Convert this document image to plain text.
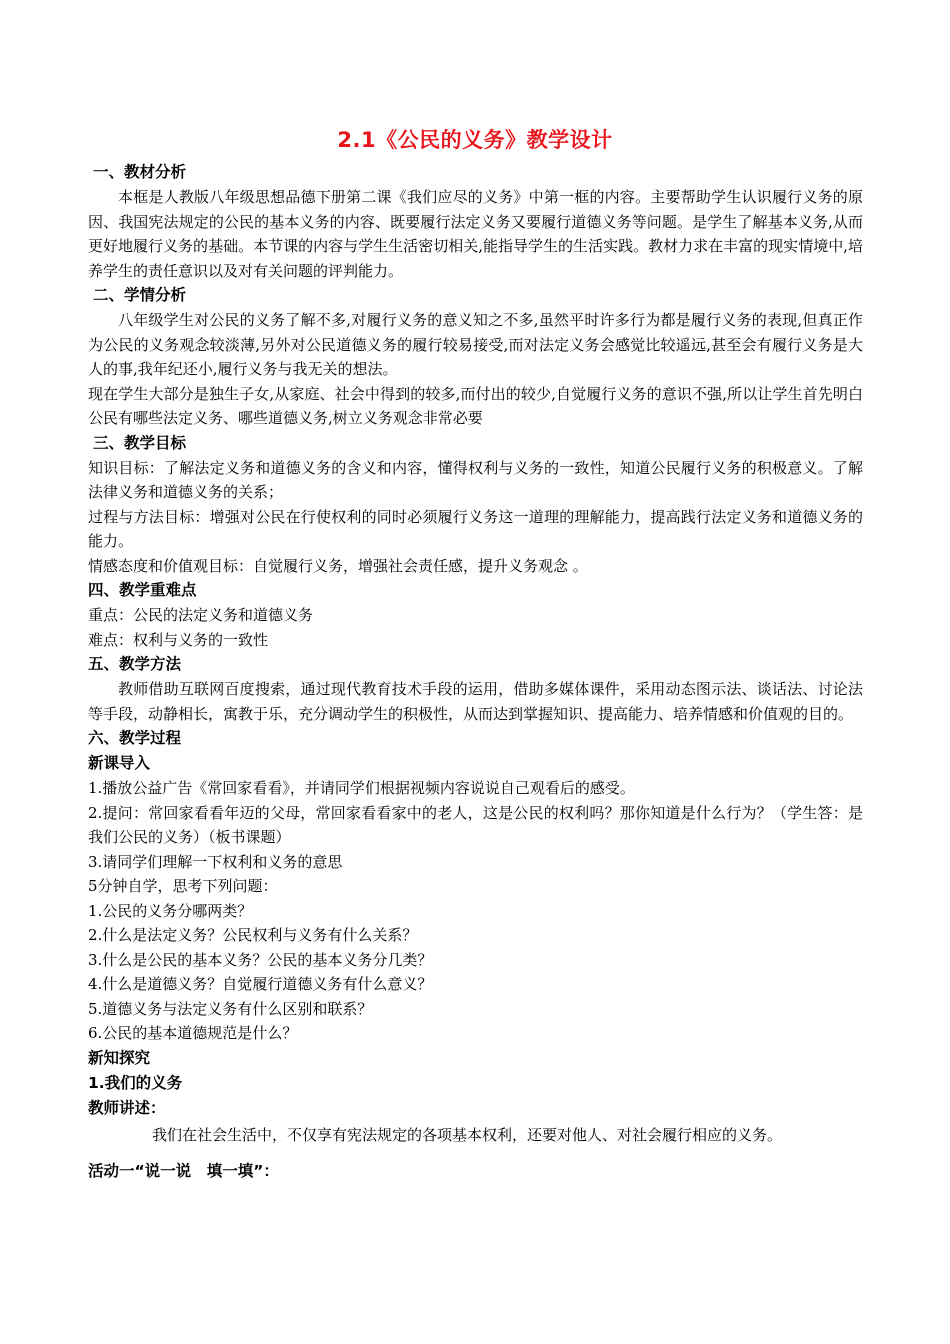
2.1《公民的义务》教学设计

一、教材分析

本框是人教版八年级思想品德下册第二课《我们应尽的义务》中第一框的内容。主要帮助学生认识履行义务的原因、我国宪法规定的公民的基本义务的内容、既要履行法定义务又要履行道德义务等问题。是学生了解基本义务,从而更好地履行义务的基础。本节课的内容与学生生活密切相关,能指导学生的生活实践。教材力求在丰富的现实情境中,培养学生的责任意识以及对有关问题的评判能力。

二、学情分析

八年级学生对公民的义务了解不多,对履行义务的意义知之不多,虽然平时许多行为都是履行义务的表现,但真正作为公民的义务观念较淡薄,另外对公民道德义务的履行较易接受,而对法定义务会感觉比较遥远,甚至会有履行义务是大人的事,我年纪还小,履行义务与我无关的想法。

现在学生大部分是独生子女,从家庭、社会中得到的较多,而付出的较少,自觉履行义务的意识不强,所以让学生首先明白公民有哪些法定义务、哪些道德义务,树立义务观念非常必要

三、教学目标

知识目标：了解法定义务和道德义务的含义和内容，懂得权利与义务的一致性，知道公民履行义务的积极意义。了解法律义务和道德义务的关系；

过程与方法目标：增强对公民在行使权利的同时必须履行义务这一道理的理解能力，提高践行法定义务和道德义务的能力。

情感态度和价值观目标：自觉履行义务，增强社会责任感，提升义务观念 。

四、教学重难点

重点：公民的法定义务和道德义务

难点：权利与义务的一致性

五、教学方法

教师借助互联网百度搜索，通过现代教育技术手段的运用，借助多媒体课件，采用动态图示法、谈话法、讨论法等手段，动静相长，寓教于乐，充分调动学生的积极性，从而达到掌握知识、提高能力、培养情感和价值观的目的。

六、教学过程

新课导入

1.播放公益广告《常回家看看》，并请同学们根据视频内容说说自己观看后的感受。

2.提问：常回家看看年迈的父母，常回家看看家中的老人，这是公民的权利吗？那你知道是什么行为？（学生答：是我们公民的义务）（板书课题）

3.请同学们理解一下权利和义务的意思

5分钟自学，思考下列问题：

1.公民的义务分哪两类？

2.什么是法定义务？公民权利与义务有什么关系？

3.什么是公民的基本义务？公民的基本义务分几类？

4.什么是道德义务？自觉履行道德义务有什么意义？

5.道德义务与法定义务有什么区别和联系？

6.公民的基本道德规范是什么？

新知探究

1.我们的义务

教师讲述：

我们在社会生活中，不仅享有宪法规定的各项基本权利，还要对他人、对社会履行相应的义务。

活动一“说一说　填一填”：
